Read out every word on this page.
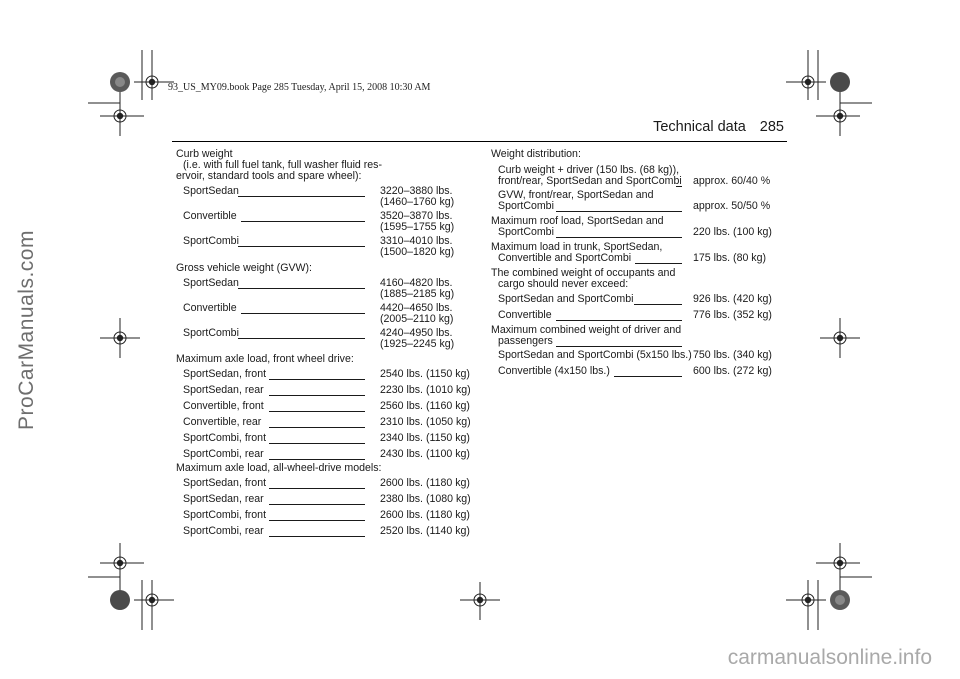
ProCarManuals.com
carmanualsonline.info
93_US_MY09.book Page 285 Tuesday, April 15, 2008 10:30 AM
Technical data 285
Curb weight
(i.e. with full fuel tank, full washer fluid res-
ervoir, standard tools and spare wheel):
SportSedan	3220–3880 lbs.
(1460–1760 kg)
Convertible	3520–3870 lbs.
(1595–1755 kg)
SportCombi	3310–4010 lbs.
(1500–1820 kg)
Gross vehicle weight (GVW):
SportSedan	4160–4820 lbs.
(1885–2185 kg)
Convertible	4420–4650 lbs.
(2005–2110 kg)
SportCombi	4240–4950 lbs.
(1925–2245 kg)
Maximum axle load, front wheel drive:
SportSedan, front	2540 lbs. (1150 kg)
SportSedan, rear	2230 lbs. (1010 kg)
Convertible, front	2560 lbs. (1160 kg)
Convertible, rear	2310 lbs. (1050 kg)
SportCombi, front	2340 lbs. (1150 kg)
SportCombi, rear	2430 lbs. (1100 kg)
Maximum axle load, all-wheel-drive models:
SportSedan, front	2600 lbs. (1180 kg)
SportSedan, rear	2380 lbs. (1080 kg)
SportCombi, front	2600 lbs. (1180 kg)
SportCombi, rear	2520 lbs. (1140 kg)
Weight distribution:
Curb weight + driver (150 lbs. (68 kg)),
front/rear, SportSedan and SportCombi approx. 60/40 %
GVW, front/rear, SportSedan and
SportCombi	approx. 50/50 %
Maximum roof load, SportSedan and
SportCombi	220 lbs. (100 kg)
Maximum load in trunk, SportSedan,
Convertible and SportCombi	175 lbs. (80 kg)
The combined weight of occupants and
cargo should never exceed:
SportSedan and SportCombi	926 lbs. (420 kg)
Convertible	776 lbs. (352 kg)
Maximum combined weight of driver and
passengers
SportSedan and SportCombi (5x150 lbs.) 750 lbs. (340 kg)
Convertible (4x150 lbs.)	600 lbs. (272 kg)
